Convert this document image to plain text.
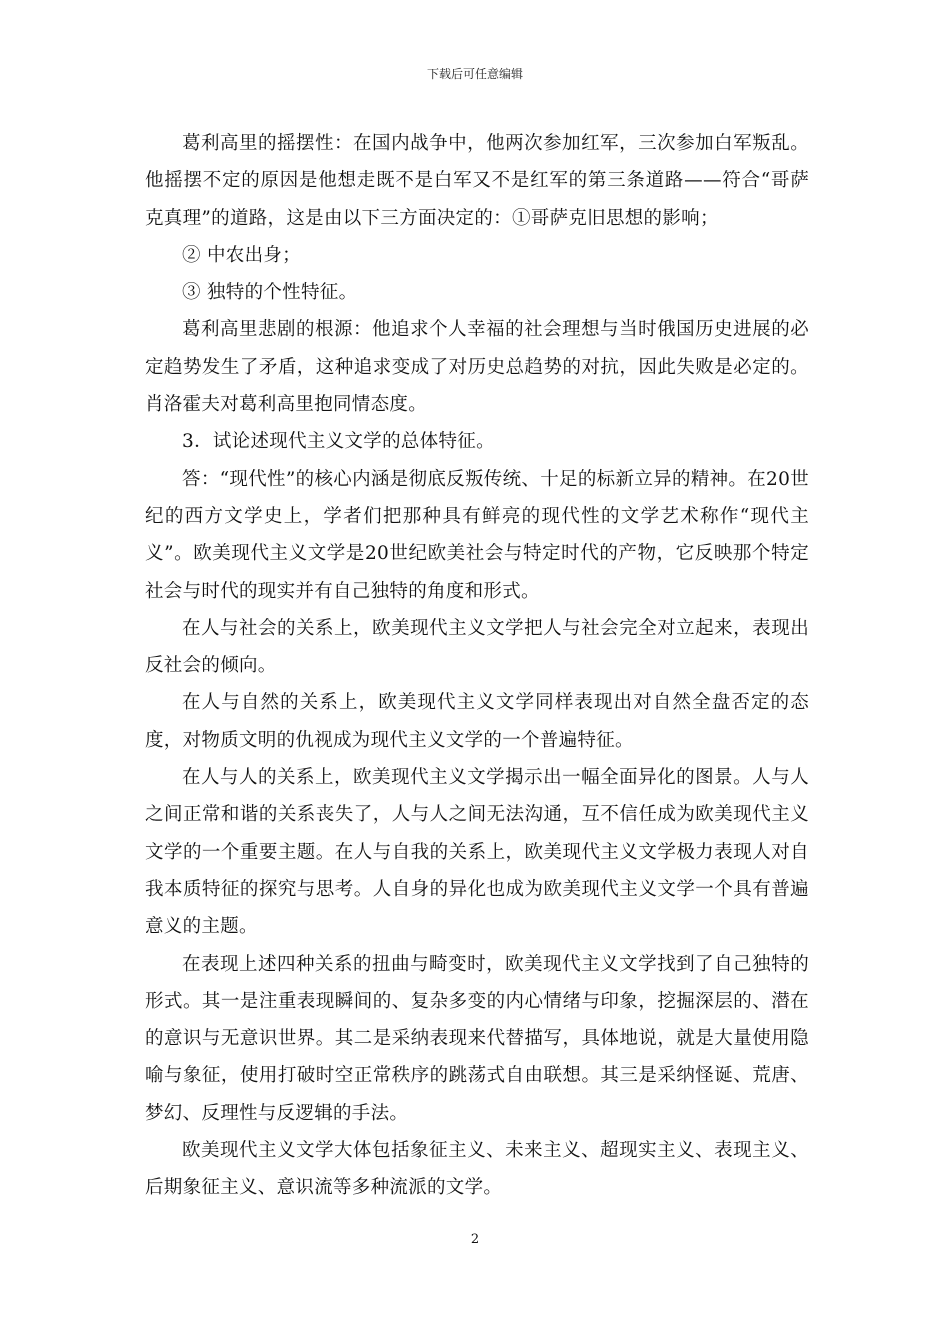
下载后可任意编辑

葛利高里的摇摆性：在国内战争中，他两次参加红军，三次参加白军叛乱。他摇摆不定的原因是他想走既不是白军又不是红军的第三条道路——符合“哥萨克真理”的道路，这是由以下三方面决定的：①哥萨克旧思想的影响；

② 中农出身；

③ 独特的个性特征。

葛利高里悲剧的根源：他追求个人幸福的社会理想与当时俄国历史进展的必定趋势发生了矛盾，这种追求变成了对历史总趋势的对抗，因此失败是必定的。肖洛霍夫对葛利高里抱同情态度。

3．试论述现代主义文学的总体特征。

答：“现代性”的核心内涵是彻底反叛传统、十足的标新立异的精神。在20世纪的西方文学史上，学者们把那种具有鲜亮的现代性的文学艺术称作“现代主义”。欧美现代主义文学是20世纪欧美社会与特定时代的产物，它反映那个特定社会与时代的现实并有自己独特的角度和形式。

在人与社会的关系上，欧美现代主义文学把人与社会完全对立起来，表现出反社会的倾向。

在人与自然的关系上，欧美现代主义文学同样表现出对自然全盘否定的态度，对物质文明的仇视成为现代主义文学的一个普遍特征。

在人与人的关系上，欧美现代主义文学揭示出一幅全面异化的图景。人与人之间正常和谐的关系丧失了，人与人之间无法沟通，互不信任成为欧美现代主义文学的一个重要主题。在人与自我的关系上，欧美现代主义文学极力表现人对自我本质特征的探究与思考。人自身的异化也成为欧美现代主义文学一个具有普遍意义的主题。

在表现上述四种关系的扭曲与畸变时，欧美现代主义文学找到了自己独特的形式。其一是注重表现瞬间的、复杂多变的内心情绪与印象，挖掘深层的、潜在的意识与无意识世界。其二是采纳表现来代替描写，具体地说，就是大量使用隐喻与象征，使用打破时空正常秩序的跳荡式自由联想。其三是采纳怪诞、荒唐、梦幻、反理性与反逻辑的手法。

欧美现代主义文学大体包括象征主义、未来主义、超现实主义、表现主义、后期象征主义、意识流等多种流派的文学。

2
